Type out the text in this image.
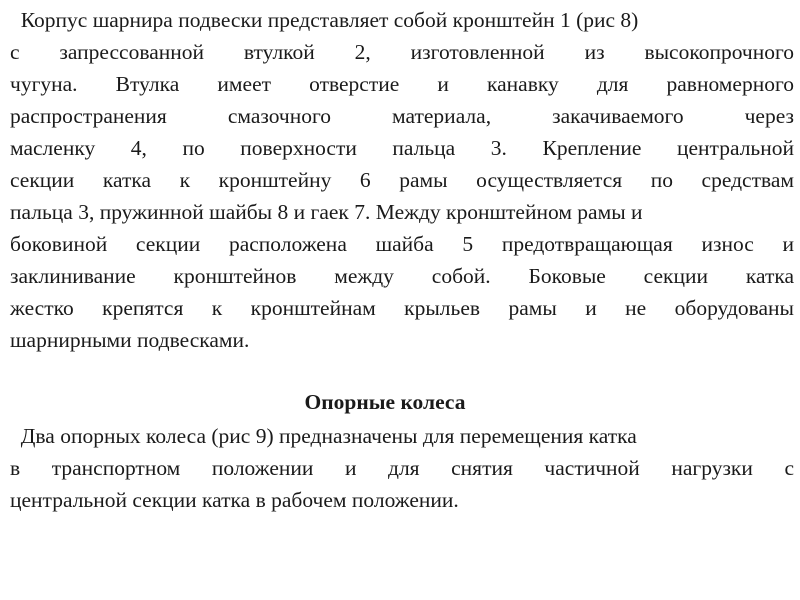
Корпус шарнира подвески представляет собой кронштейн 1 (рис 8)
с запрессованной втулкой 2, изготовленной из высокопрочного
чугуна. Втулка имеет отверстие и канавку для равномерного
распространения смазочного материала, закачиваемого через
масленку 4, по поверхности пальца 3. Крепление центральной
секции катка к кронштейну 6 рамы осуществляется по средствам
пальца 3, пружинной шайбы 8 и гаек 7. Между кронштейном рамы и
боковиной секции расположена шайба 5 предотвращающая износ и
заклинивание кронштейнов между собой. Боковые секции катка
жестко крепятся к кронштейнам крыльев рамы и не оборудованы
шарнирными подвесками.
Опорные колеса
Два опорных колеса (рис 9) предназначены для перемещения катка
в транспортном положении и для снятия частичной нагрузки с
центральной секции катка в рабочем положении.
